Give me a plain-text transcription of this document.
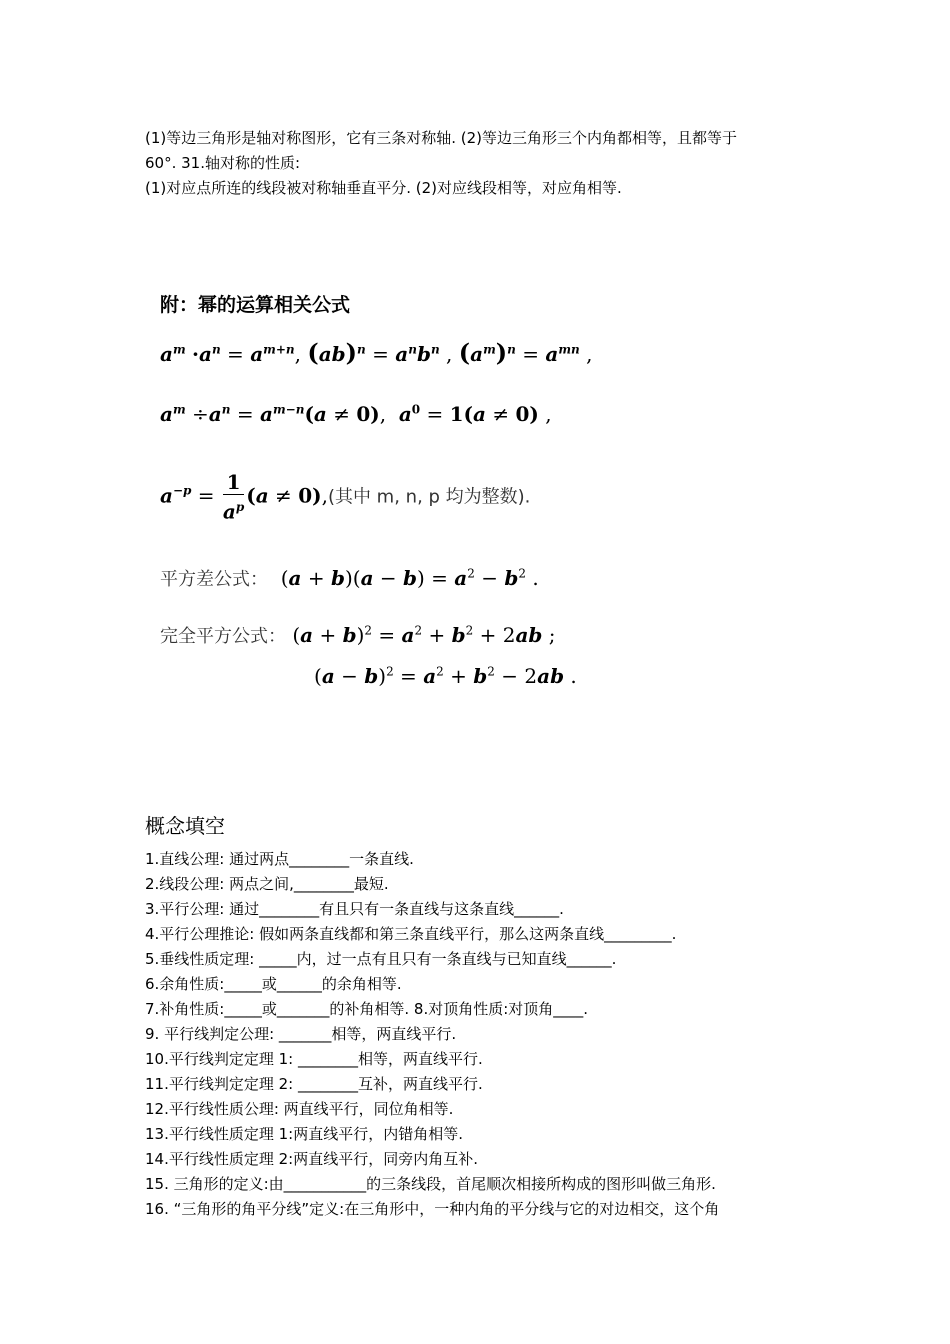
(1)等边三角形是轴对称图形，它有三条对称轴. (2)等边三角形三个内角都相等，且都等于
60°. 31.轴对称的性质:
(1)对应点所连的线段被对称轴垂直平分. (2)对应线段相等，对应角相等.
附：幂的运算相关公式
$a^m \cdot a^n = a^{m+n}$, $(ab)^n = a^nb^n$ , $(a^m)^n = a^{mn}$ ,
$a^m \div a^n = a^{m-n}(a \ne 0)$,  $a^0 = 1(a \ne 0)$ ,
$a^{-p} = \frac{1}{a^p} (a \ne 0)$,(其中 m, n, p 均为整数).
平方差公式：  $(a + b)(a - b) = a^2 - b^2$ .
完全平方公式： $(a + b)^2 = a^2 + b^2 + 2ab$ ;
$(a - b)^2 = a^2 + b^2 - 2ab$ .
概念填空
1.直线公理: 通过两点________一条直线.
2.线段公理: 两点之间,________最短.
3.平行公理: 通过________有且只有一条直线与这条直线______.
4.平行公理推论: 假如两条直线都和第三条直线平行，那么这两条直线_________.
5.垂线性质定理: _____内，过一点有且只有一条直线与已知直线______.
6.余角性质:_____或______的余角相等.
7.补角性质:_____或_______的补角相等. 8.对顶角性质:对顶角____.
9. 平行线判定公理: _______相等，两直线平行.
10.平行线判定定理 1: ________相等，两直线平行.
11.平行线判定定理 2: ________互补，两直线平行.
12.平行线性质公理: 两直线平行，同位角相等.
13.平行线性质定理 1:两直线平行，内错角相等.
14.平行线性质定理 2:两直线平行，同旁内角互补.
15. 三角形的定义:由___________的三条线段，首尾顺次相接所构成的图形叫做三角形.
16. “三角形的角平分线”定义:在三角形中，一种内角的平分线与它的对边相交，这个角
